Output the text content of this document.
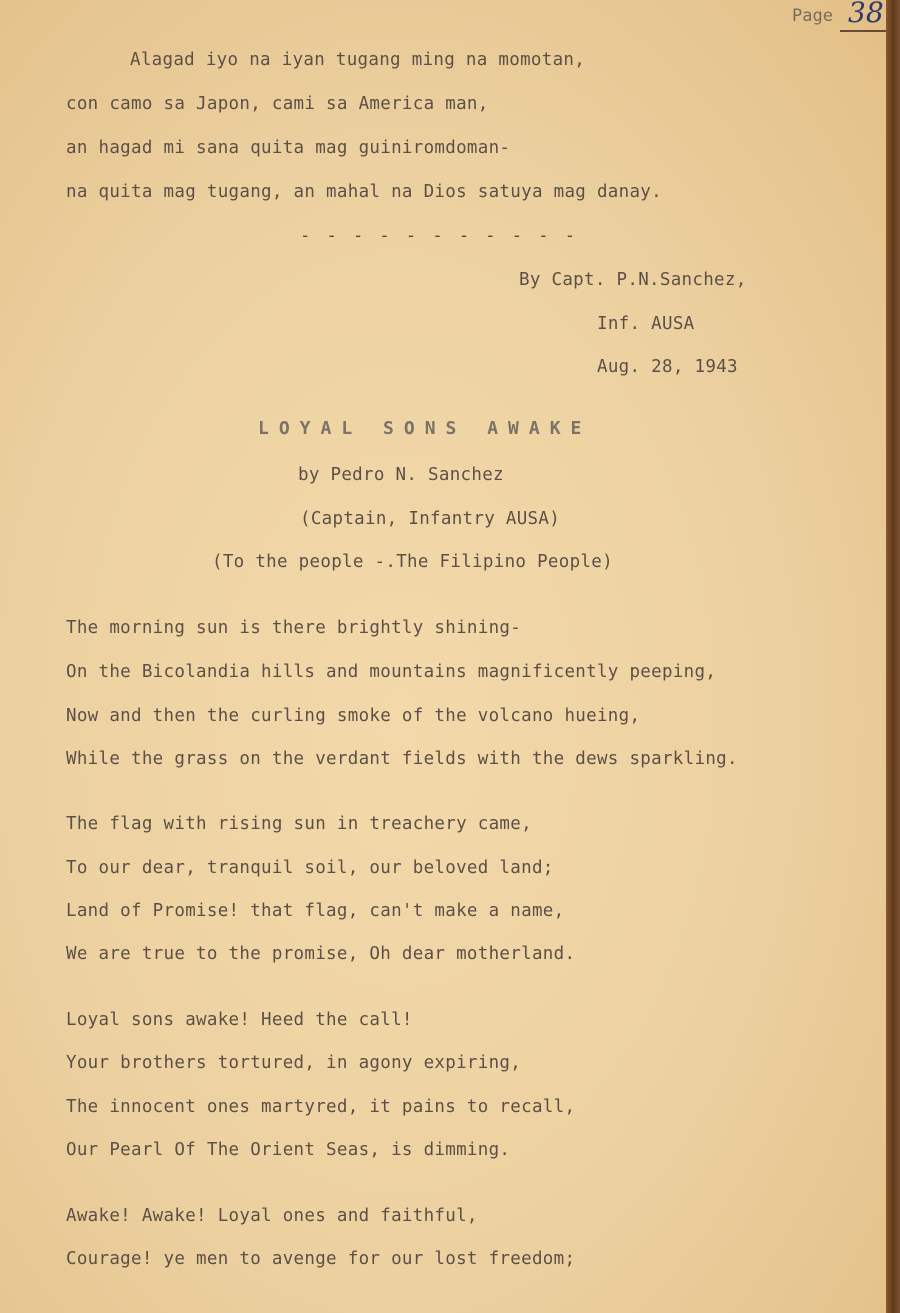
Page 38
Alagad iyo na iyan tugang ming na momotan,
con camo sa Japon, cami sa America man,
an hagad mi sana quita mag guiniromdoman-
na quita mag tugang, an mahal na Dios satuya mag danay.
- - - - - - - - - - -
By Capt. P.N.Sanchez,
Inf. AUSA
Aug. 28, 1943
LOYAL SONS AWAKE
by Pedro N. Sanchez
(Captain, Infantry AUSA)
(To the people -.The Filipino People)
The morning sun is there brightly shining-
On the Bicolandia hills and mountains magnificently peeping,
Now and then the curling smoke of the volcano hueing,
While the grass on the verdant fields with the dews sparkling.
The flag with rising sun in treachery came,
To our dear, tranquil soil, our beloved land;
Land of Promise! that flag, can't make a name,
We are true to the promise, Oh dear motherland.
Loyal sons awake! Heed the call!
Your brothers tortured, in agony expiring,
The innocent ones martyred, it pains to recall,
Our Pearl Of The Orient Seas, is dimming.
Awake! Awake! Loyal ones and faithful,
Courage! ye men to avenge for our lost freedom;
